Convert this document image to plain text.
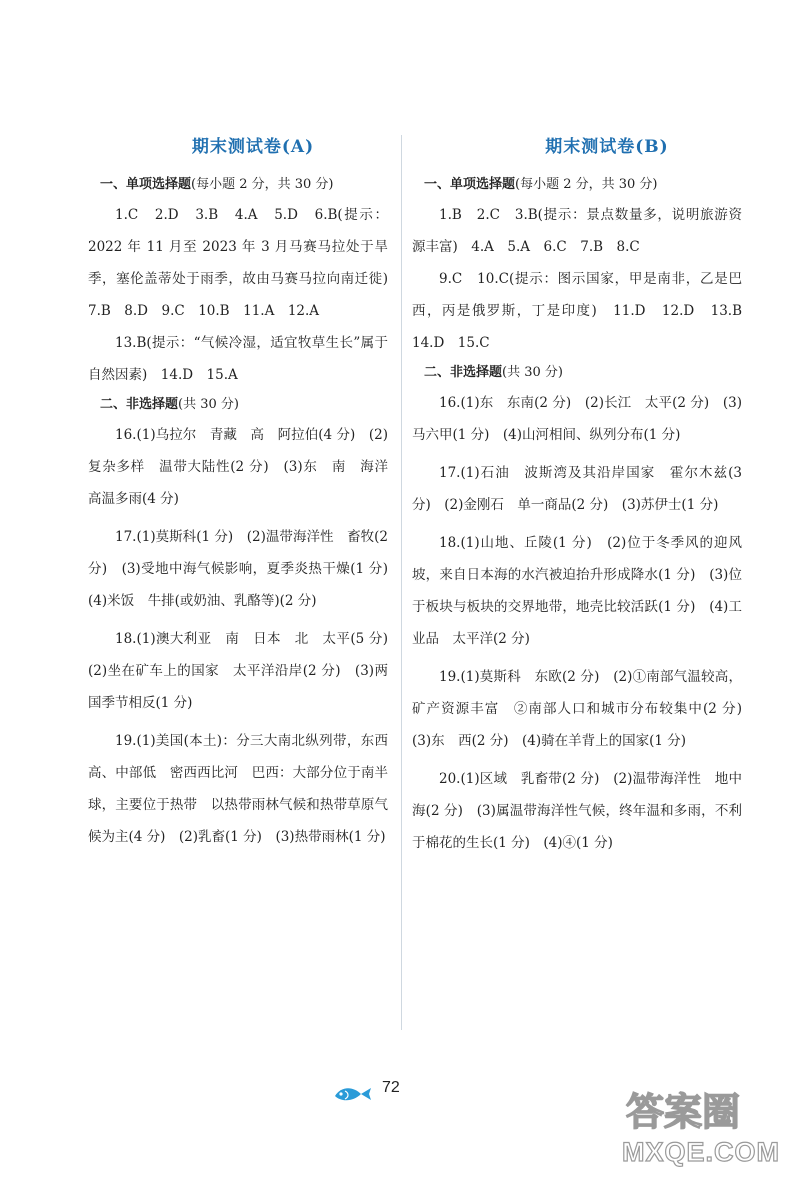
期末测试卷(A)

一、单项选择题(每小题 2 分，共 30 分)

1.C　2.D　3.B　4.A　5.D　6.B(提示：2022 年 11 月至 2023 年 3 月马赛马拉处于旱季，塞伦盖蒂处于雨季，故由马赛马拉向南迁徙)　7.B　8.D　9.C　10.B　11.A　12.A

13.B(提示：“气候冷湿，适宜牧草生长”属于自然因素)　14.D　15.A

二、非选择题(共 30 分)

16.(1)乌拉尔　青藏　高　阿拉伯(4 分)　(2)复杂多样　温带大陆性(2 分)　(3)东　南　海洋　高温多雨(4 分)

17.(1)莫斯科(1 分)　(2)温带海洋性　畜牧(2 分)　(3)受地中海气候影响，夏季炎热干燥(1 分)　(4)米饭　牛排(或奶油、乳酪等)(2 分)

18.(1)澳大利亚　南　日本　北　太平(5 分)　(2)坐在矿车上的国家　太平洋沿岸(2 分)　(3)两国季节相反(1 分)

19.(1)美国(本土)：分三大南北纵列带，东西高、中部低　密西西比河　巴西：大部分位于南半球，主要位于热带　以热带雨林气候和热带草原气候为主(4 分)　(2)乳畜(1 分)　(3)热带雨林(1 分)

期末测试卷(B)

一、单项选择题(每小题 2 分，共 30 分)

1.B　2.C　3.B(提示：景点数量多，说明旅游资源丰富)　4.A　5.A　6.C　7.B　8.C

9.C　10.C(提示：图示国家，甲是南非，乙是巴西，丙是俄罗斯，丁是印度)　11.D　12.D　13.B　14.D　15.C

二、非选择题(共 30 分)

16.(1)东　东南(2 分)　(2)长江　太平(2 分)　(3)马六甲(1 分)　(4)山河相间、纵列分布(1 分)

17.(1)石油　波斯湾及其沿岸国家　霍尔木兹(3 分)　(2)金刚石　单一商品(2 分)　(3)苏伊士(1 分)

18.(1)山地、丘陵(1 分)　(2)位于冬季风的迎风坡，来自日本海的水汽被迫抬升形成降水(1 分)　(3)位于板块与板块的交界地带，地壳比较活跃(1 分)　(4)工业品　太平洋(2 分)

19.(1)莫斯科　东欧(2 分)　(2)①南部气温较高，矿产资源丰富　②南部人口和城市分布较集中(2 分)　(3)东　西(2 分)　(4)骑在羊背上的国家(1 分)

20.(1)区域　乳畜带(2 分)　(2)温带海洋性　地中海(2 分)　(3)属温带海洋性气候，终年温和多雨，不利于棉花的生长(1 分)　(4)④(1 分)

72
答案圈
MXQE.COM
